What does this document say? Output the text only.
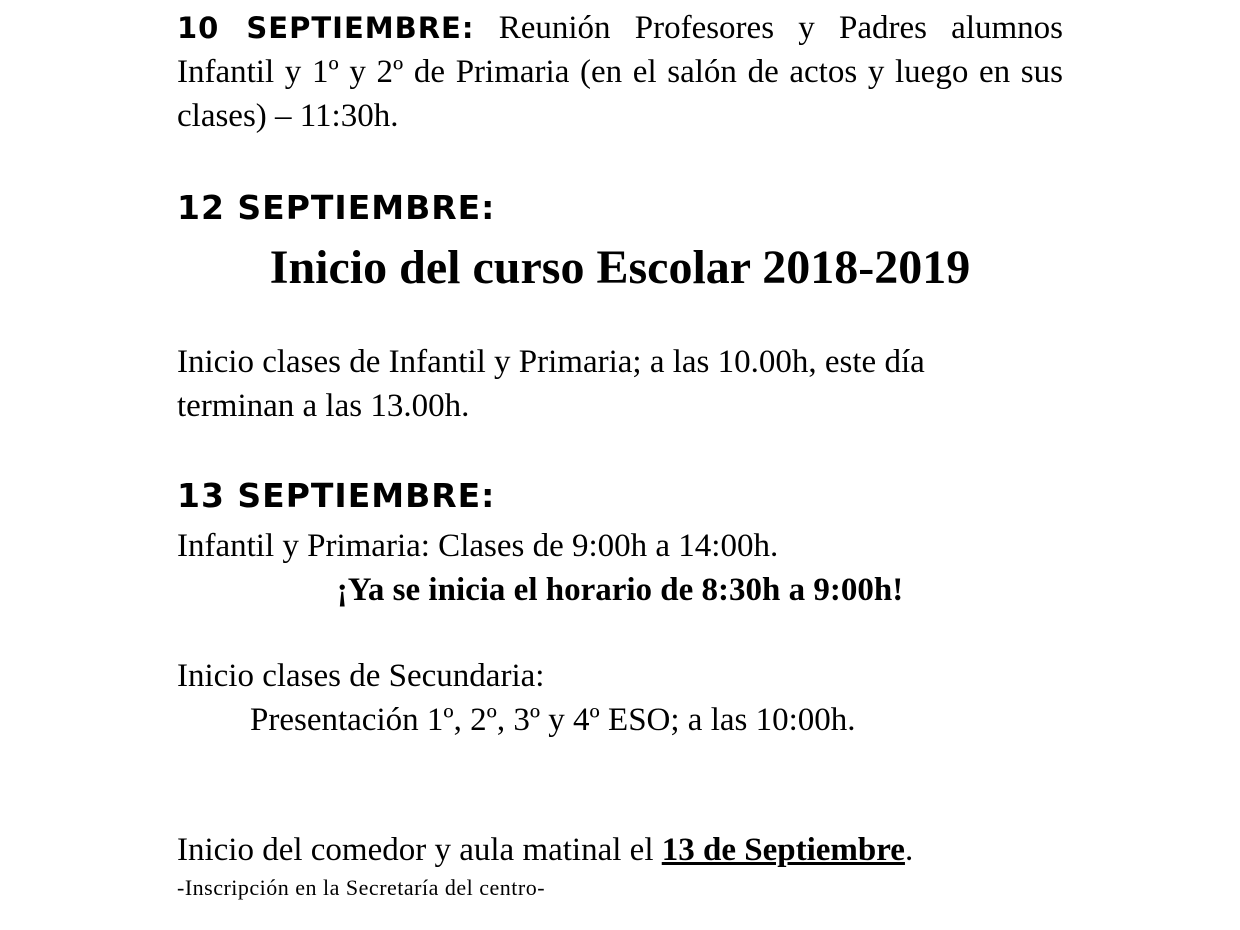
10 SEPTIEMBRE: Reunión Profesores y Padres alumnos Infantil y 1º y 2º de Primaria (en el salón de actos y luego en sus clases) – 11:30h.

12 SEPTIEMBRE:
Inicio del curso Escolar 2018-2019

Inicio clases de Infantil y Primaria; a las 10.00h, este día terminan a las 13.00h.

13 SEPTIEMBRE:
Infantil y Primaria: Clases de 9:00h a 14:00h.
¡Ya se inicia el horario de 8:30h a 9:00h!
Inicio clases de Secundaria:
Presentación 1º, 2º, 3º y 4º ESO; a las 10:00h.
Inicio del comedor y aula matinal el 13 de Septiembre.
-Inscripción en la Secretaría del centro-
